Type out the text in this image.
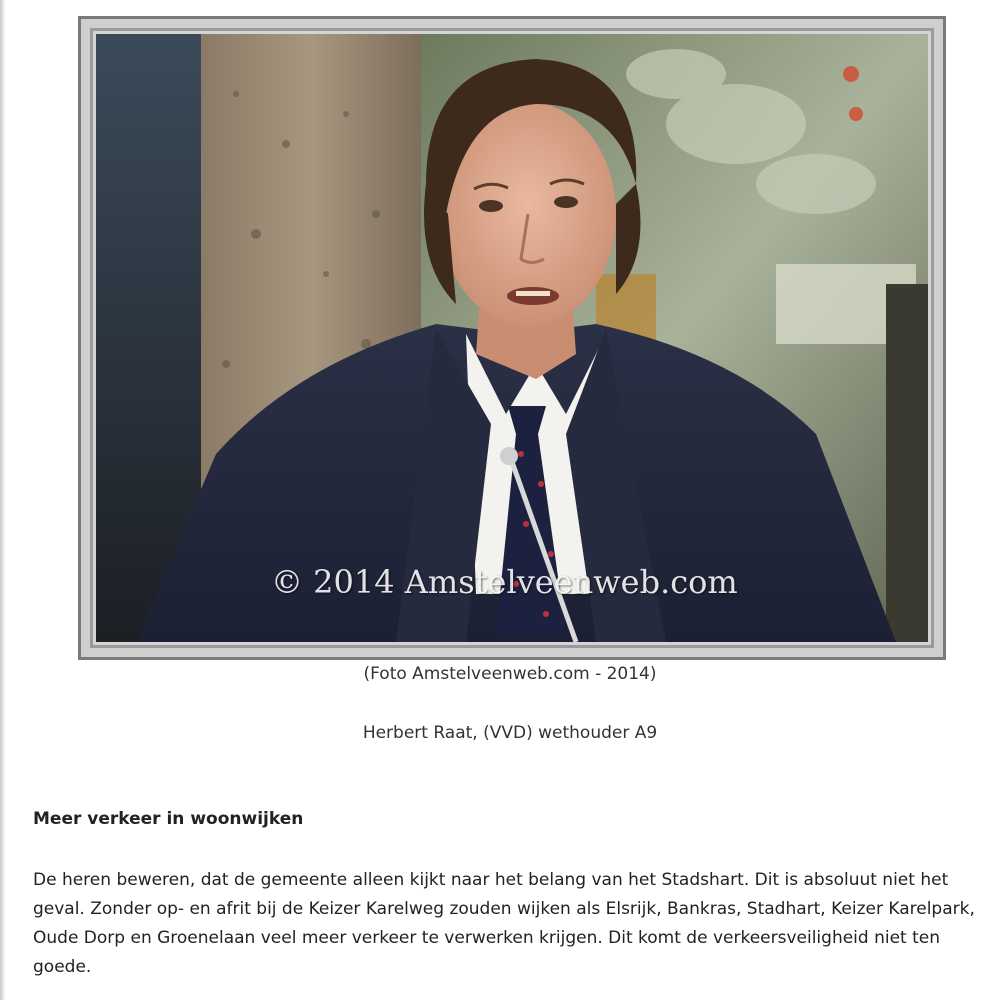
© 2014 Amstelveenweb.com
(Foto Amstelveenweb.com - 2014)
Herbert Raat, (VVD) wethouder A9
Meer verkeer in woonwijken
De heren beweren, dat de gemeente alleen kijkt naar het belang van het Stadshart. Dit is absoluut niet het geval. Zonder op- en afrit bij de Keizer Karelweg zouden wijken als Elsrijk, Bankras, Stadhart, Keizer Karelpark, Oude Dorp en Groenelaan veel meer verkeer te verwerken krijgen. Dit komt de verkeersveiligheid niet ten goede.
